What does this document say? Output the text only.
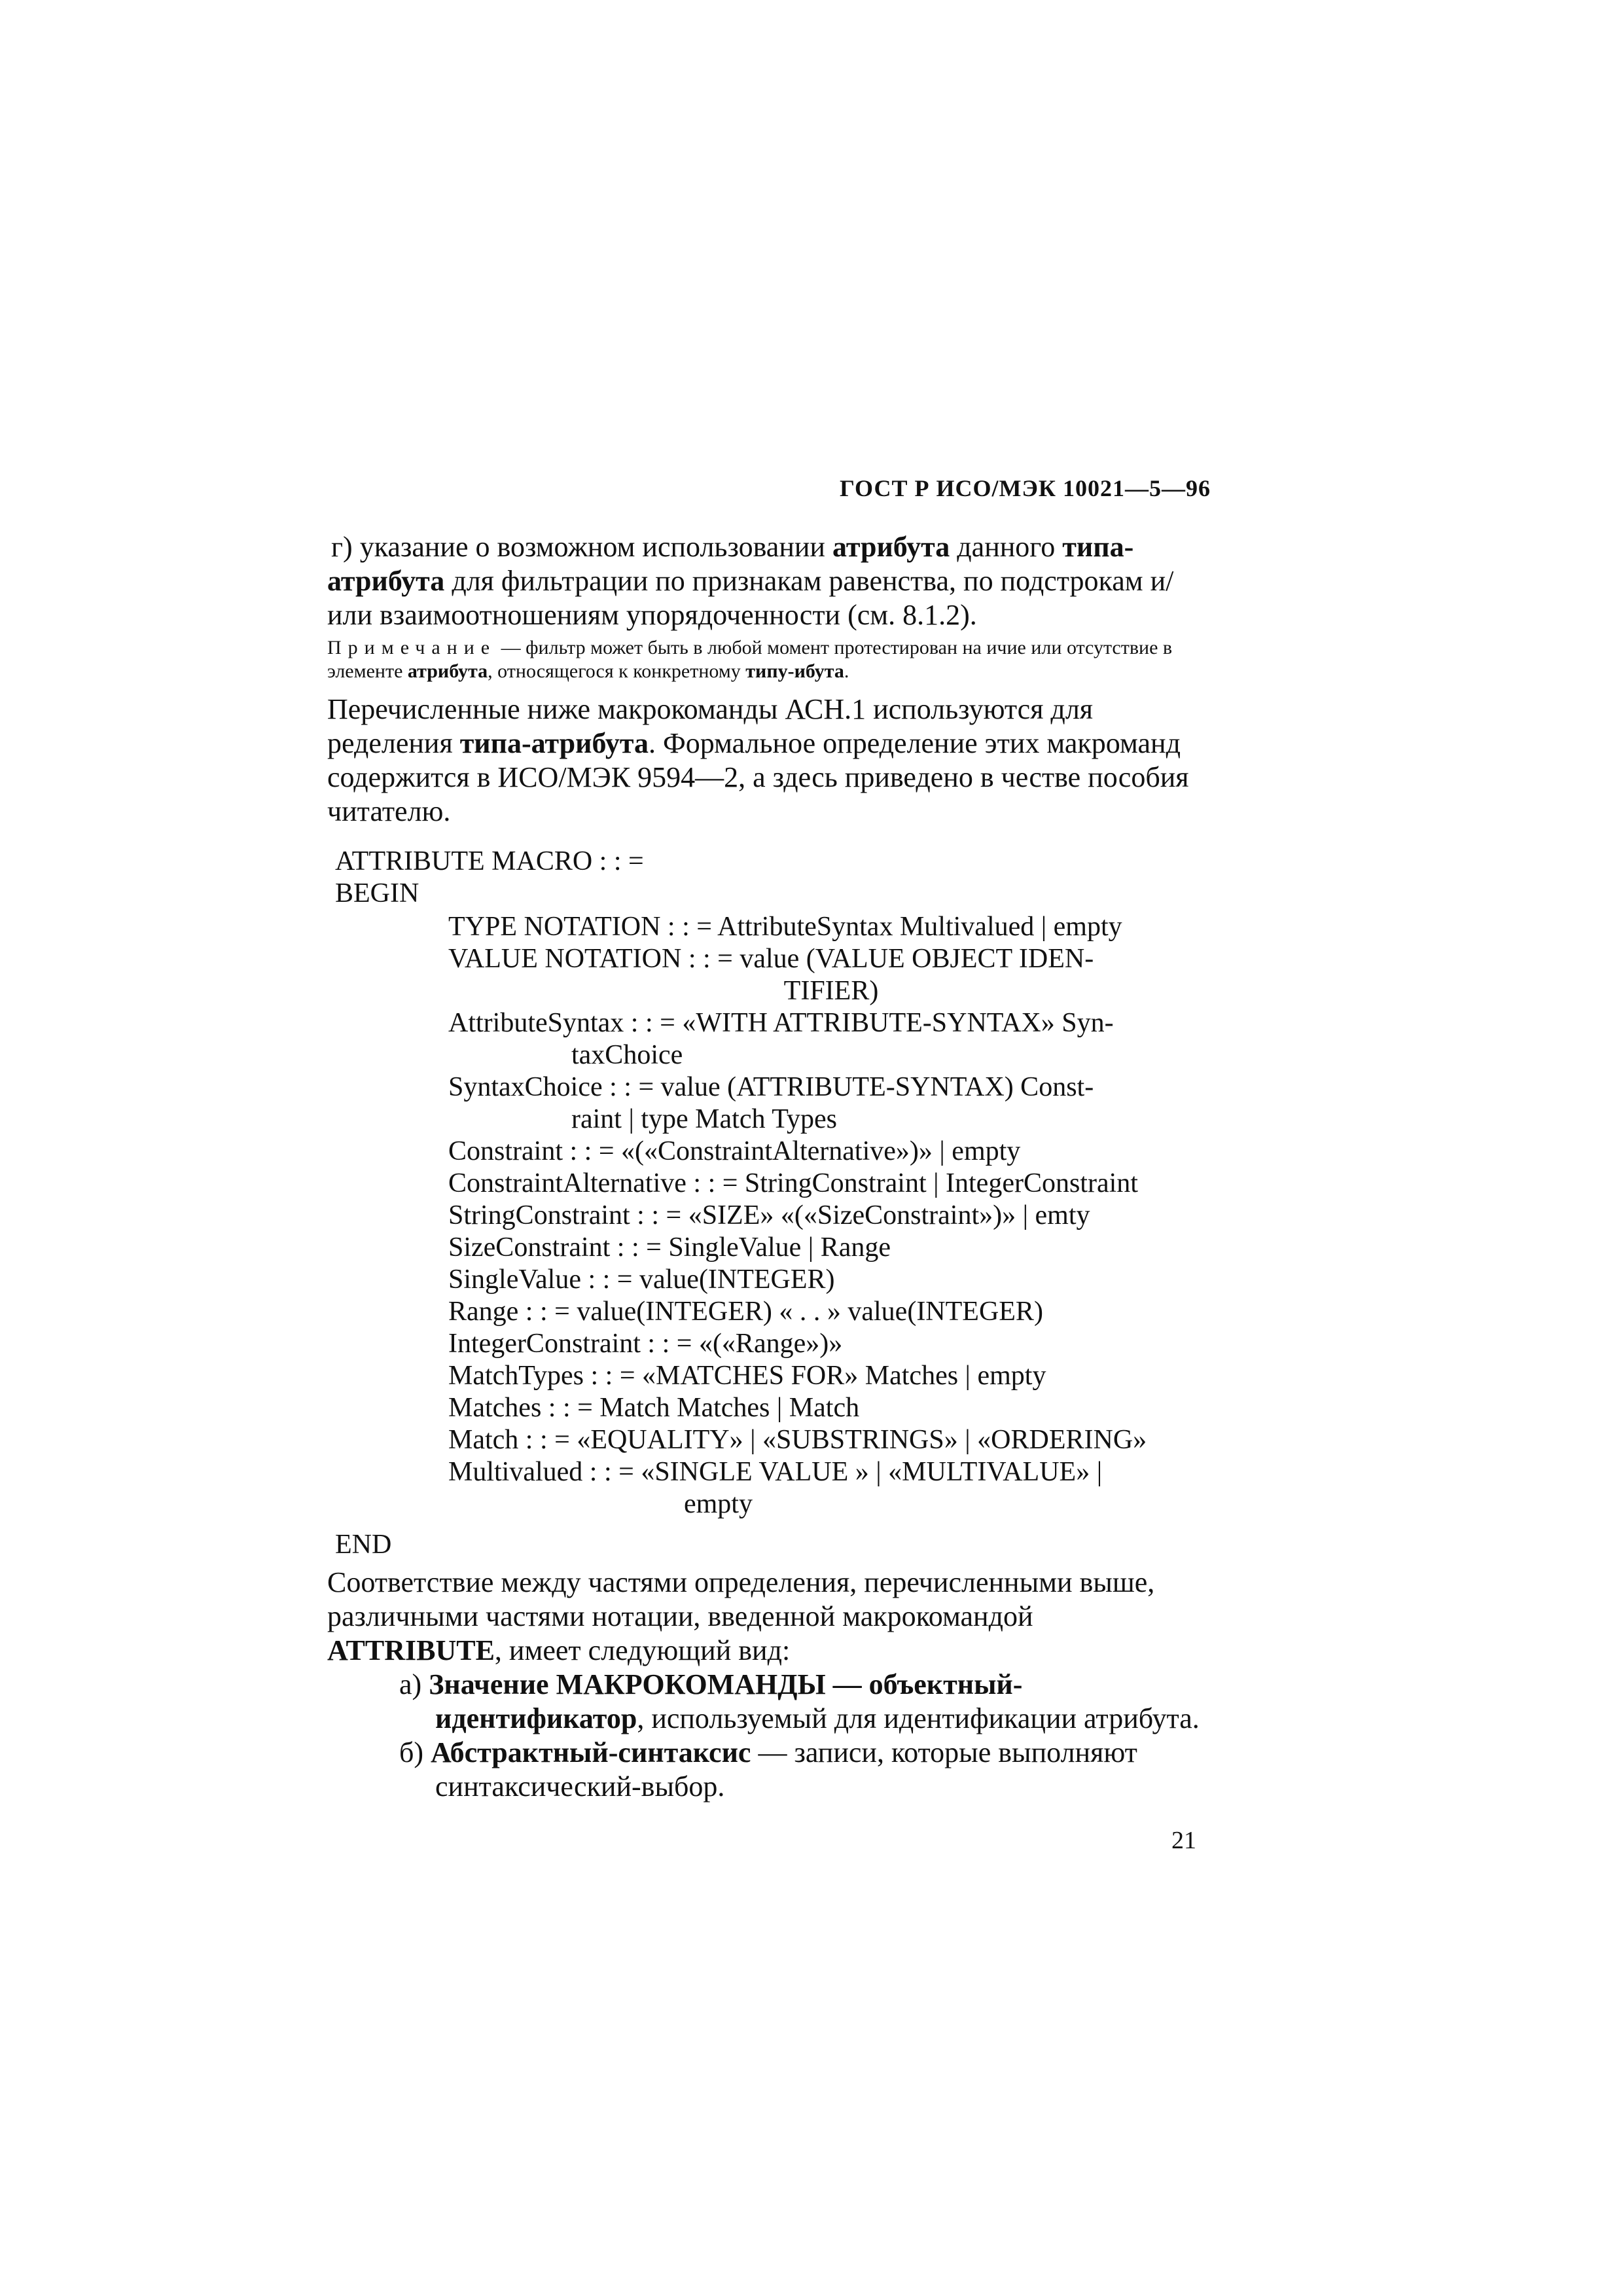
ГОСТ Р ИСО/МЭК 10021—5—96

г) указание о возможном использовании атрибута данного типа-атрибута для фильтрации по признакам равенства, по подстрокам и/или взаимоотношениям упорядоченности (см. 8.1.2).

Примечание — фильтр может быть в любой момент протестирован на ичие или отсутствие в элементе атрибута, относящегося к конкретному типу-ибута.

Перечисленные ниже макрокоманды АСН.1 используются для ределения типа-атрибута. Формальное определение этих макроманд содержится в ИСО/МЭК 9594—2, а здесь приведено в честве пособия читателю.

ATTRIBUTE MACRO : : =

BEGIN

TYPE NOTATION : : = AttributeSyntax Multivalued | empty

VALUE NOTATION : : = value (VALUE OBJECT IDEN-

TIFIER)

AttributeSyntax : : = «WITH ATTRIBUTE-SYNTAX» Syn-

taxChoice

SyntaxChoice : : = value (ATTRIBUTE-SYNTAX) Const-

raint | type Match Types

Constraint : : = «(«ConstraintAlternative»)» | empty

ConstraintAlternative : : = StringConstraint | IntegerConstraint

StringConstraint : : = «SIZE» «(«SizeConstraint»)» | emty

SizeConstraint : : = SingleValue | Range

SingleValue : : = value(INTEGER)

Range : : = value(INTEGER) « . . » value(INTEGER)

IntegerConstraint : : = «(«Range»)»

MatchTypes : : = «MATCHES FOR» Matches | empty

Matches : : = Match Matches | Match

Match : : = «EQUALITY» | «SUBSTRINGS» | «ORDERING»

Multivalued : : = «SINGLE VALUE » | «MULTIVALUE» |

empty

END

Соответствие между частями определения, перечисленными выше, различными частями нотации, введенной макрокомандой ATTRIBUTE, имеет следующий вид:

а) Значение МАКРОКОМАНДЫ — объектный-идентификатор, используемый для идентификации атрибута.

б) Абстрактный-синтаксис — записи, которые выполняют синтаксический-выбор.

21
